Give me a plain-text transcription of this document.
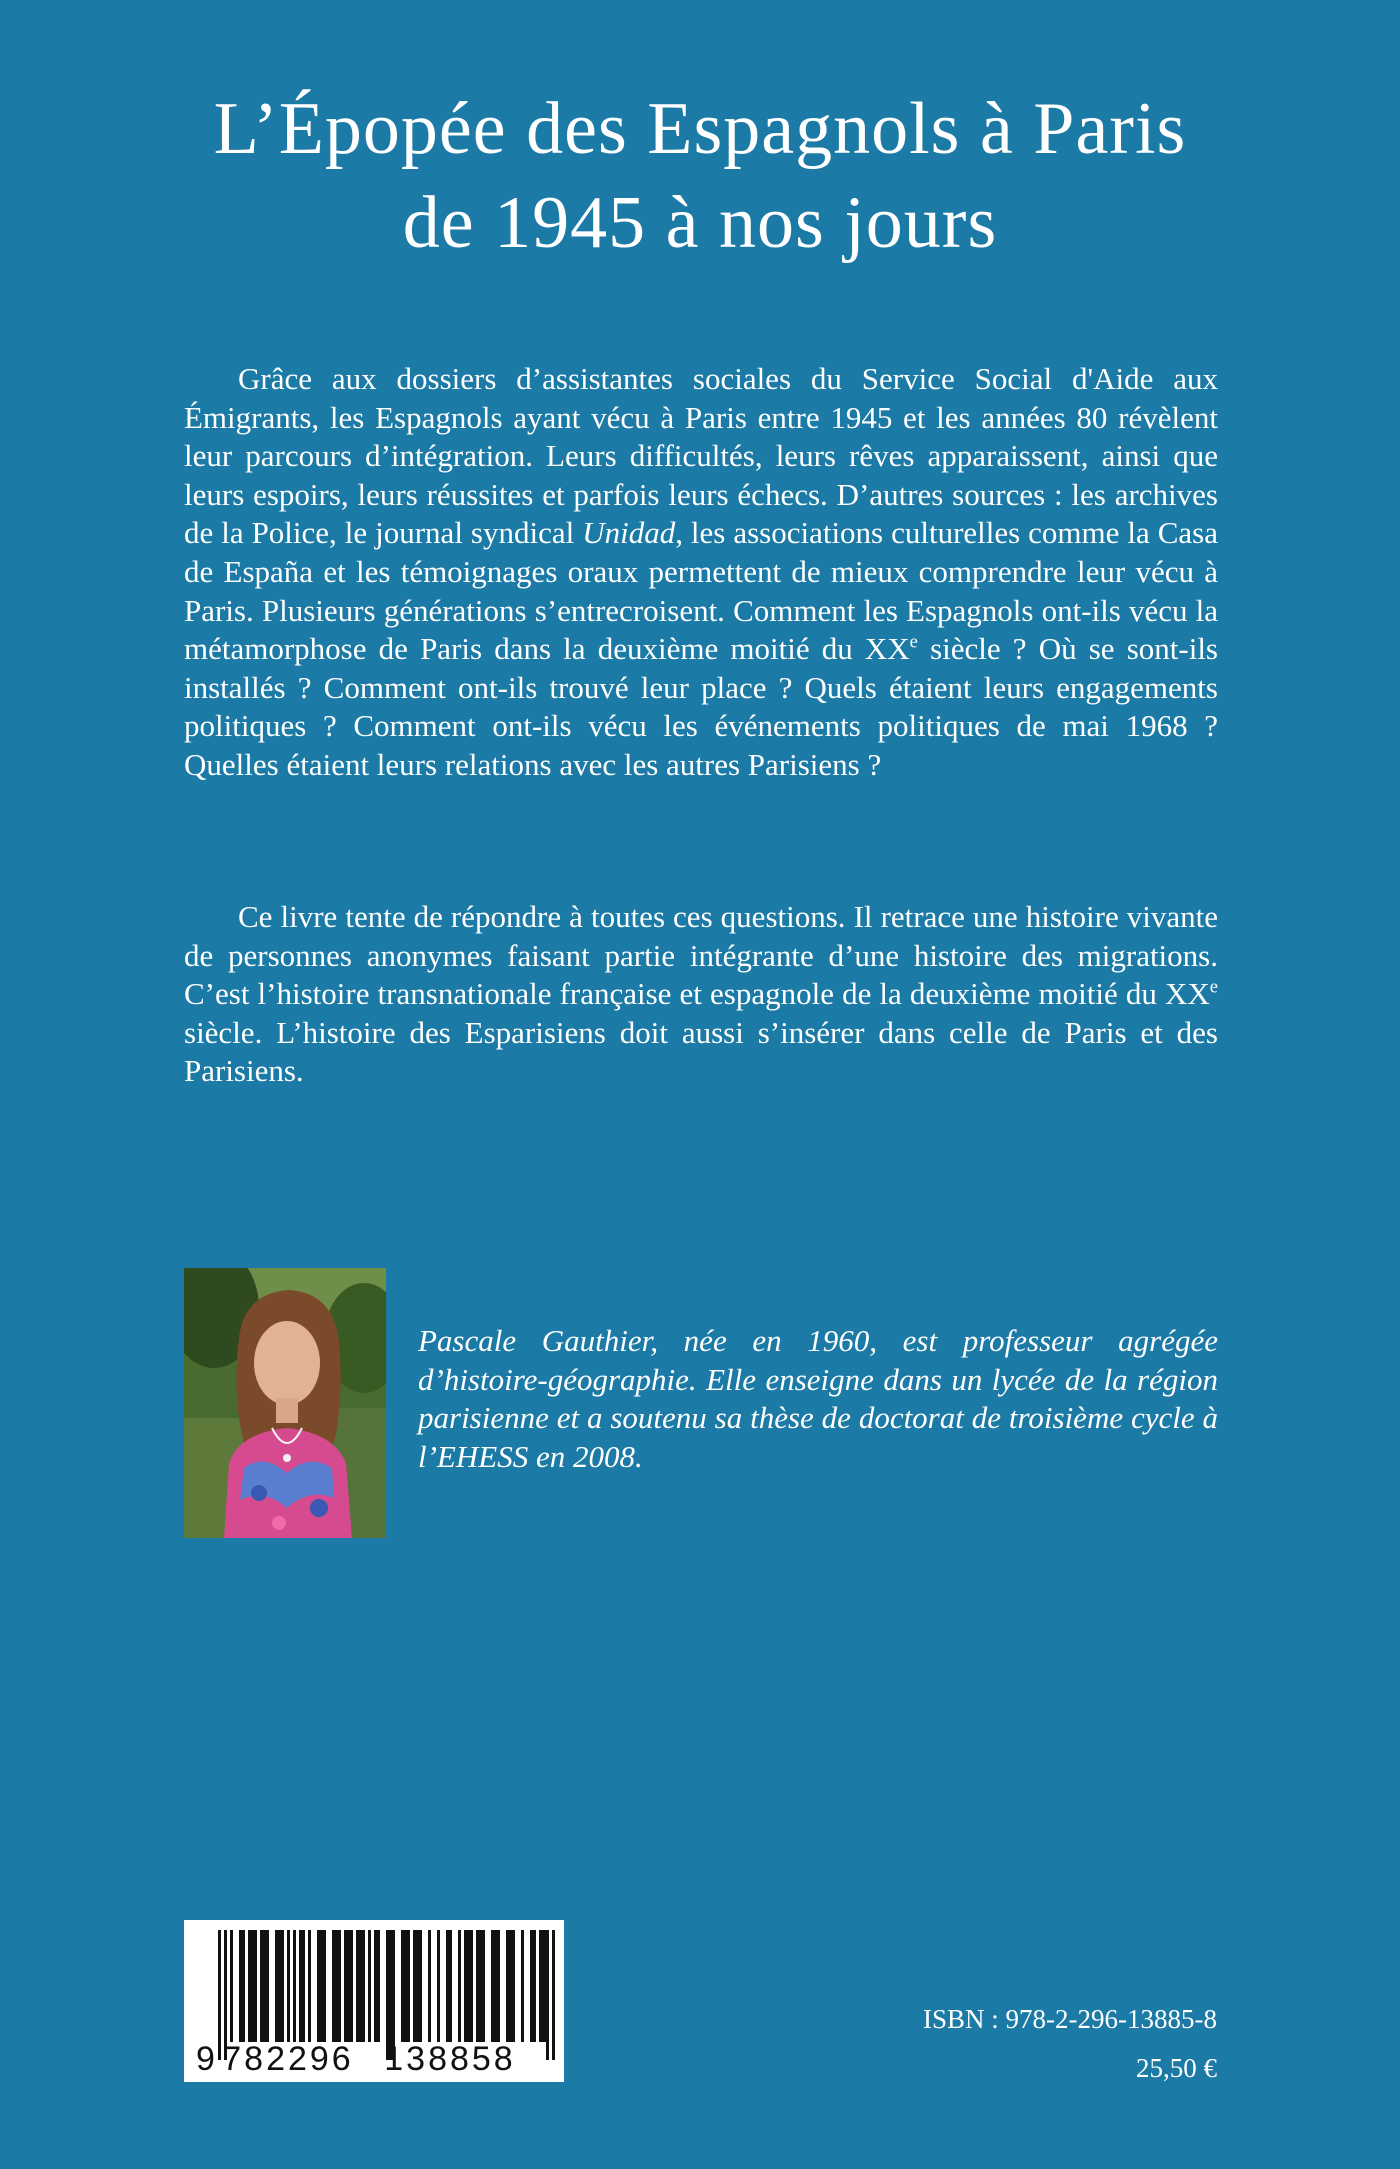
L’Épopée des Espagnols à Paris
de 1945 à nos jours

Grâce aux dossiers d’assistantes sociales du Service Social d'Aide aux Émigrants, les Espagnols ayant vécu à Paris entre 1945 et les années 80 révèlent leur parcours d’intégration. Leurs difficultés, leurs rêves apparaissent, ainsi que leurs espoirs, leurs réussites et parfois leurs échecs. D’autres sources : les archives de la Police, le journal syndical Unidad, les associations culturelles comme la Casa de España et les témoignages oraux permettent de mieux comprendre leur vécu à Paris. Plusieurs générations s’entrecroisent. Comment les Espagnols ont-ils vécu la métamorphose de Paris dans la deuxième moitié du XXe siècle ? Où se sont-ils installés ? Comment ont-ils trouvé leur place ? Quels étaient leurs engagements politiques ? Comment ont-ils vécu les événements politiques de mai 1968 ? Quelles étaient leurs relations avec les autres Parisiens ?

Ce livre tente de répondre à toutes ces questions. Il retrace une histoire vivante de personnes anonymes faisant partie intégrante d’une histoire des migrations. C’est l’histoire transnationale française et espagnole de la deuxième moitié du XXe siècle. L’histoire des Esparisiens doit aussi s’insérer dans celle de Paris et des Parisiens.

Pascale Gauthier, née en 1960, est professeur agrégée d’histoire-géographie. Elle enseigne dans un lycée de la région parisienne et a soutenu sa thèse de doctorat de troisième cycle à l’EHESS en 2008.

9 782296 138858
ISBN : 978-2-296-13885-8
25,50 €
